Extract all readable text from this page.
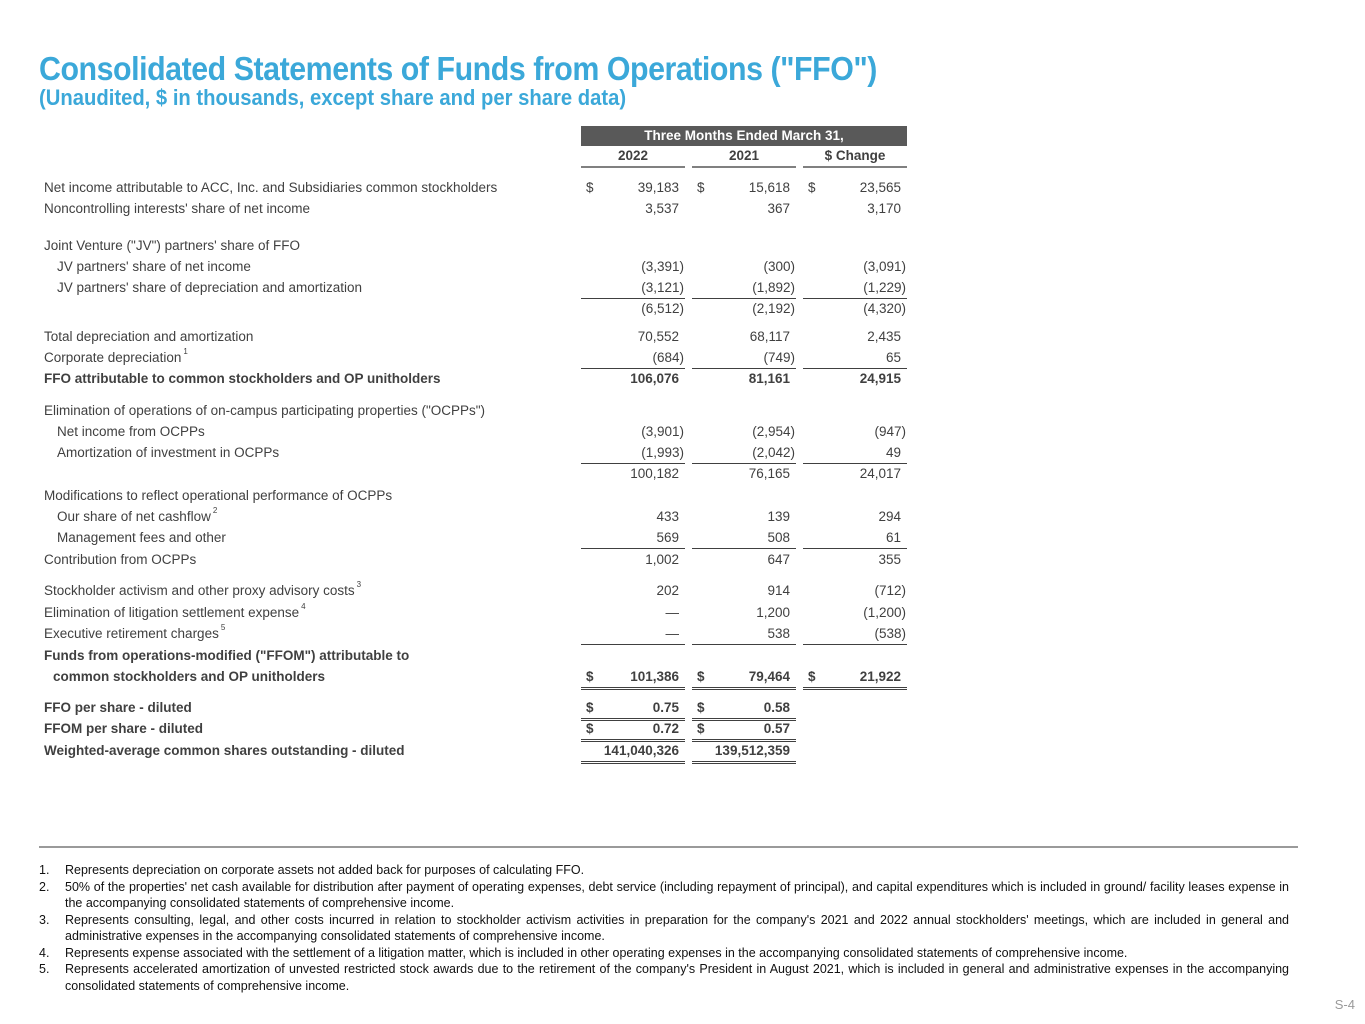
Consolidated Statements of Funds from Operations ("FFO")
(Unaudited, $ in thousands, except share and per share data)
Three Months Ended March 31,
2022	2021	$ Change
Net income attributable to ACC, Inc. and Subsidiaries common stockholders	$	39,183 $	15,618 $	23,565
Noncontrolling interests' share of net income	3,537	367	3,170
Joint Venture ("JV") partners' share of FFO
JV partners' share of net income	(3,391)	(300)	(3,091)
JV partners' share of depreciation and amortization	(3,121)	(1,892)	(1,229)
(6,512)	(2,192)	(4,320)
Total depreciation and amortization	70,552	68,117	2,435
Corporate depreciation $^1$	(684)	(749)	65
FFO attributable to common stockholders and OP unitholders	106,076	81,161	24,915
Elimination of operations of on-campus participating properties ("OCPPs")
Net income from OCPPs	(3,901)	(2,954)	(947)
Amortization of investment in OCPPs	(1,993)	(2,042)	49
100,182	76,165	24,017
Modifications to reflect operational performance of OCPPs
Our share of net cashflow $^2$	433	139	294
Management fees and other	569	508	61
Contribution from OCPPs	1,002	647	355
Stockholder activism and other proxy advisory costs $^3$	202	914	(712)
Elimination of litigation settlement expense $^4$	—	1,200	(1,200)
Executive retirement charges $^5$	—	538	(538)
Funds from operations-modified ("FFOM") attributable to
common stockholders and OP unitholders	$	101,386 $	79,464 $	21,922
FFO per share - diluted	$	0.75 $	0.58
FFOM per share - diluted	$	0.72 $	0.57
Weighted-average common shares outstanding - diluted	141,040,326	139,512,359
1.	Represents depreciation on corporate assets not added back for purposes of calculating FFO.
2.	50% of the properties' net cash available for distribution after payment of operating expenses, debt service (including repayment of principal), and capital expenditures which is included in ground/ facility leases expense in the accompanying consolidated statements of comprehensive income.
3.	Represents consulting, legal, and other costs incurred in relation to stockholder activism activities in preparation for the company's 2021 and 2022 annual stockholders' meetings, which are included in general and administrative expenses in the accompanying consolidated statements of comprehensive income.
4.	Represents expense associated with the settlement of a litigation matter, which is included in other operating expenses in the accompanying consolidated statements of comprehensive income.
5.	Represents accelerated amortization of unvested restricted stock awards due to the retirement of the company's President in August 2021, which is included in general and administrative expenses in the accompanying consolidated statements of comprehensive income.
S-4
